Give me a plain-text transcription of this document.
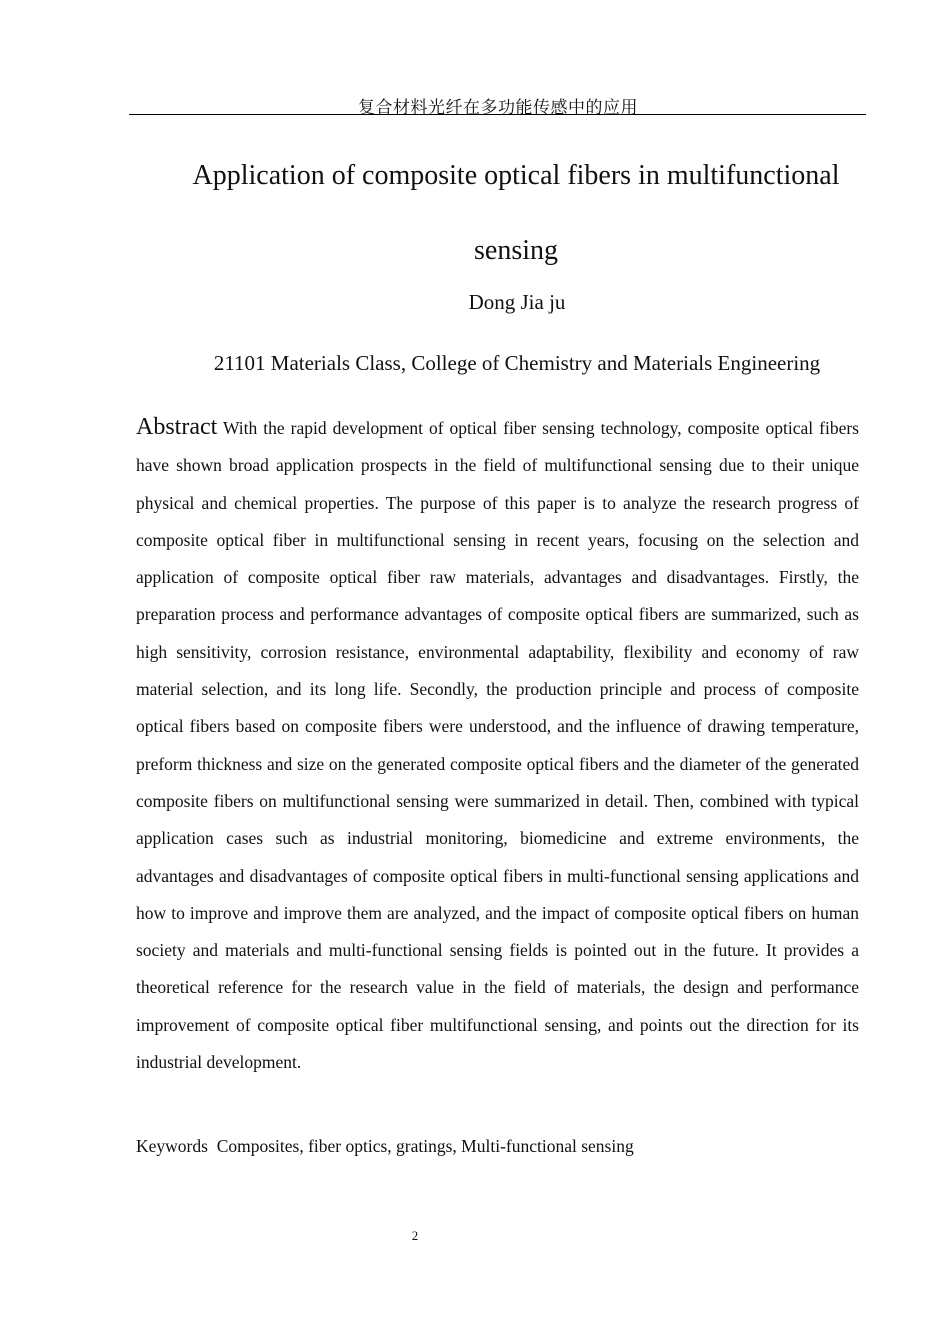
复合材料光纤在多功能传感中的应用
Application of composite optical fibers in multifunctional sensing
Dong Jia ju
21101 Materials Class, College of Chemistry and Materials Engineering

Abstract With the rapid development of optical fiber sensing technology, composite optical fibers have shown broad application prospects in the field of multifunctional sensing due to their unique physical and chemical properties. The purpose of this paper is to analyze the research progress of composite optical fiber in multifunctional sensing in recent years, focusing on the selection and application of composite optical fiber raw materials, advantages and disadvantages. Firstly, the preparation process and performance advantages of composite optical fibers are summarized, such as high sensitivity, corrosion resistance, environmental adaptability, flexibility and economy of raw material selection, and its long life. Secondly, the production principle and process of composite optical fibers based on composite fibers were understood, and the influence of drawing temperature, preform thickness and size on the generated composite optical fibers and the diameter of the generated composite fibers on multifunctional sensing were summarized in detail. Then, combined with typical application cases such as industrial monitoring, biomedicine and extreme environments, the advantages and disadvantages of composite optical fibers in multi-functional sensing applications and how to improve and improve them are analyzed, and the impact of composite optical fibers on human society and materials and multi-functional sensing fields is pointed out in the future. It provides a theoretical reference for the research value in the field of materials, the design and performance improvement of composite optical fiber multifunctional sensing, and points out the direction for its industrial development.

Keywords Composites, fiber optics, gratings, Multi-functional sensing
2
